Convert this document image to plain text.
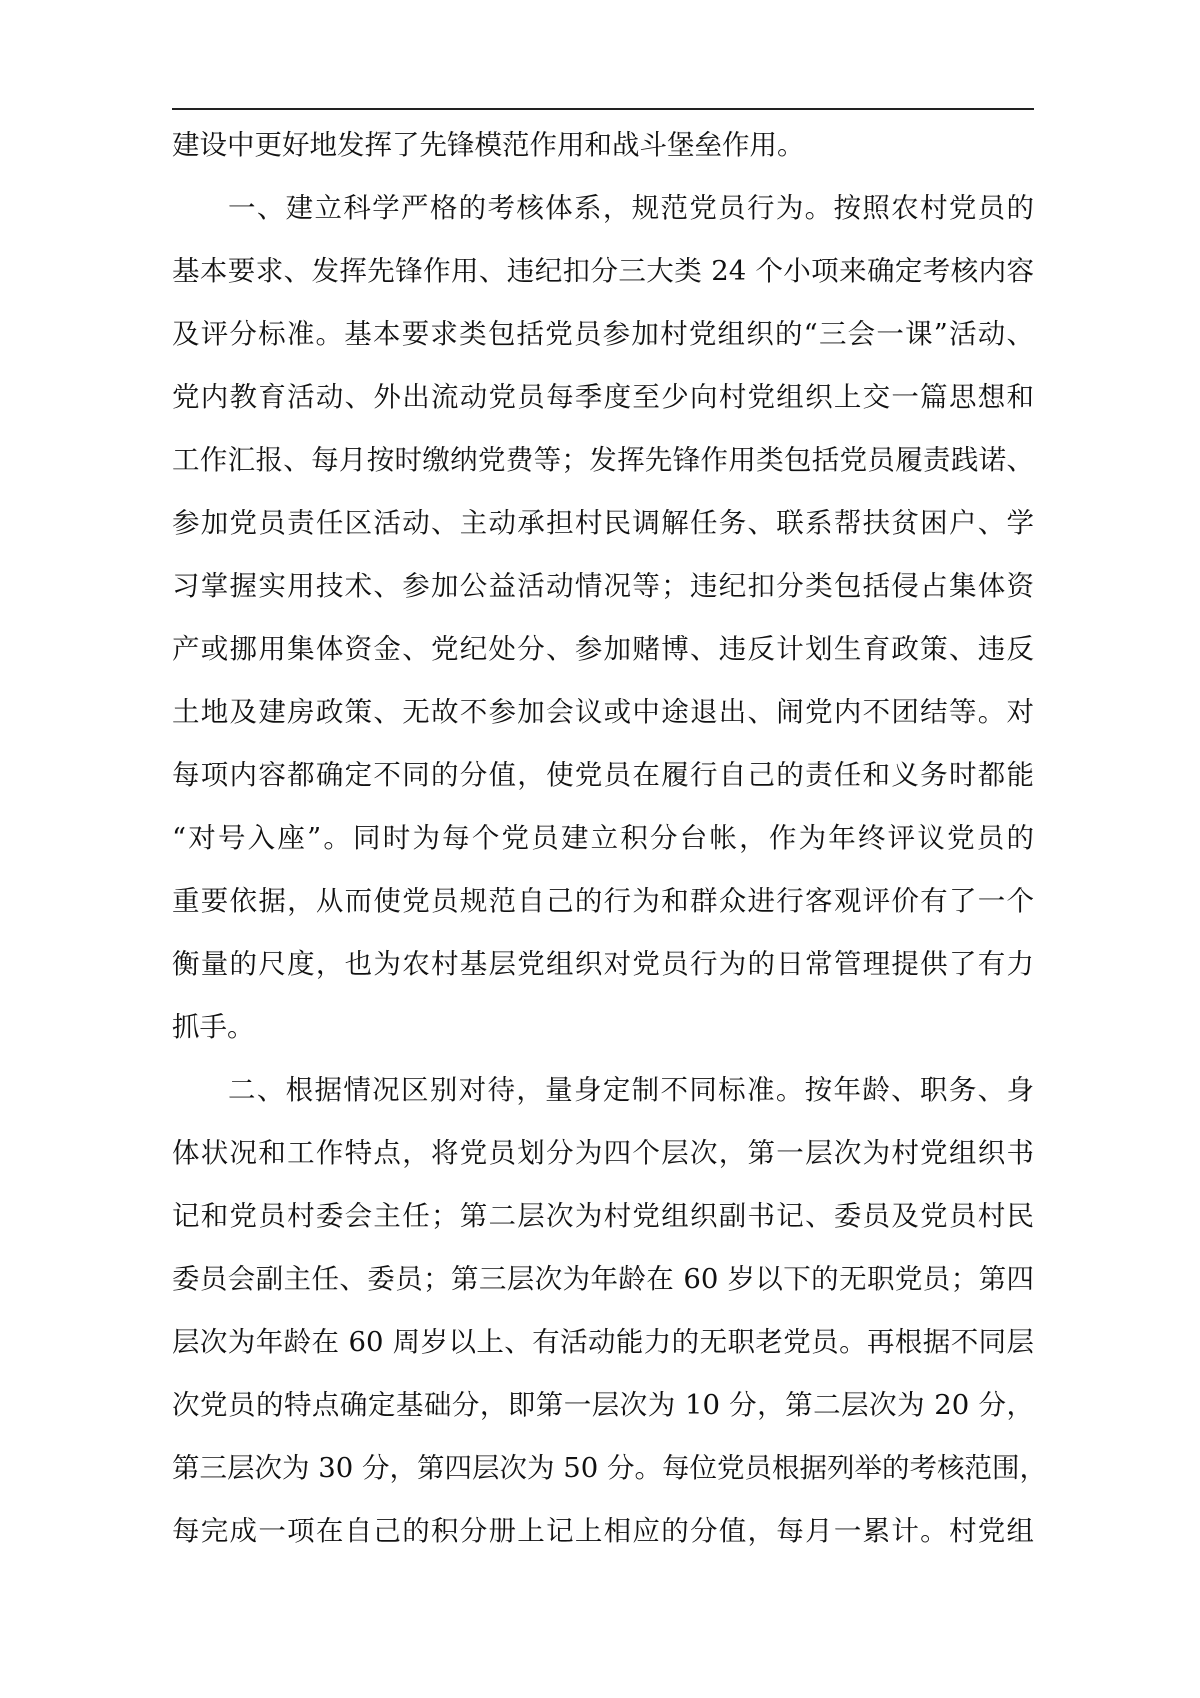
建设中更好地发挥了先锋模范作用和战斗堡垒作用。

一、建立科学严格的考核体系，规范党员行为。按照农村党员的

基本要求、发挥先锋作用、违纪扣分三大类 24 个小项来确定考核内容

及评分标准。基本要求类包括党员参加村党组织的“三会一课”活动、

党内教育活动、外出流动党员每季度至少向村党组织上交一篇思想和

工作汇报、每月按时缴纳党费等；发挥先锋作用类包括党员履责践诺、

参加党员责任区活动、主动承担村民调解任务、联系帮扶贫困户、学

习掌握实用技术、参加公益活动情况等；违纪扣分类包括侵占集体资

产或挪用集体资金、党纪处分、参加赌博、违反计划生育政策、违反

土地及建房政策、无故不参加会议或中途退出、闹党内不团结等。对

每项内容都确定不同的分值，使党员在履行自己的责任和义务时都能

“对号入座”。同时为每个党员建立积分台帐，作为年终评议党员的

重要依据，从而使党员规范自己的行为和群众进行客观评价有了一个

衡量的尺度，也为农村基层党组织对党员行为的日常管理提供了有力

抓手。

二、根据情况区别对待，量身定制不同标准。按年龄、职务、身

体状况和工作特点，将党员划分为四个层次，第一层次为村党组织书

记和党员村委会主任；第二层次为村党组织副书记、委员及党员村民

委员会副主任、委员；第三层次为年龄在 60 岁以下的无职党员；第四

层次为年龄在 60 周岁以上、有活动能力的无职老党员。再根据不同层

次党员的特点确定基础分，即第一层次为 10 分，第二层次为 20 分，

第三层次为 30 分，第四层次为 50 分。每位党员根据列举的考核范围，

每完成一项在自己的积分册上记上相应的分值，每月一累计。村党组
